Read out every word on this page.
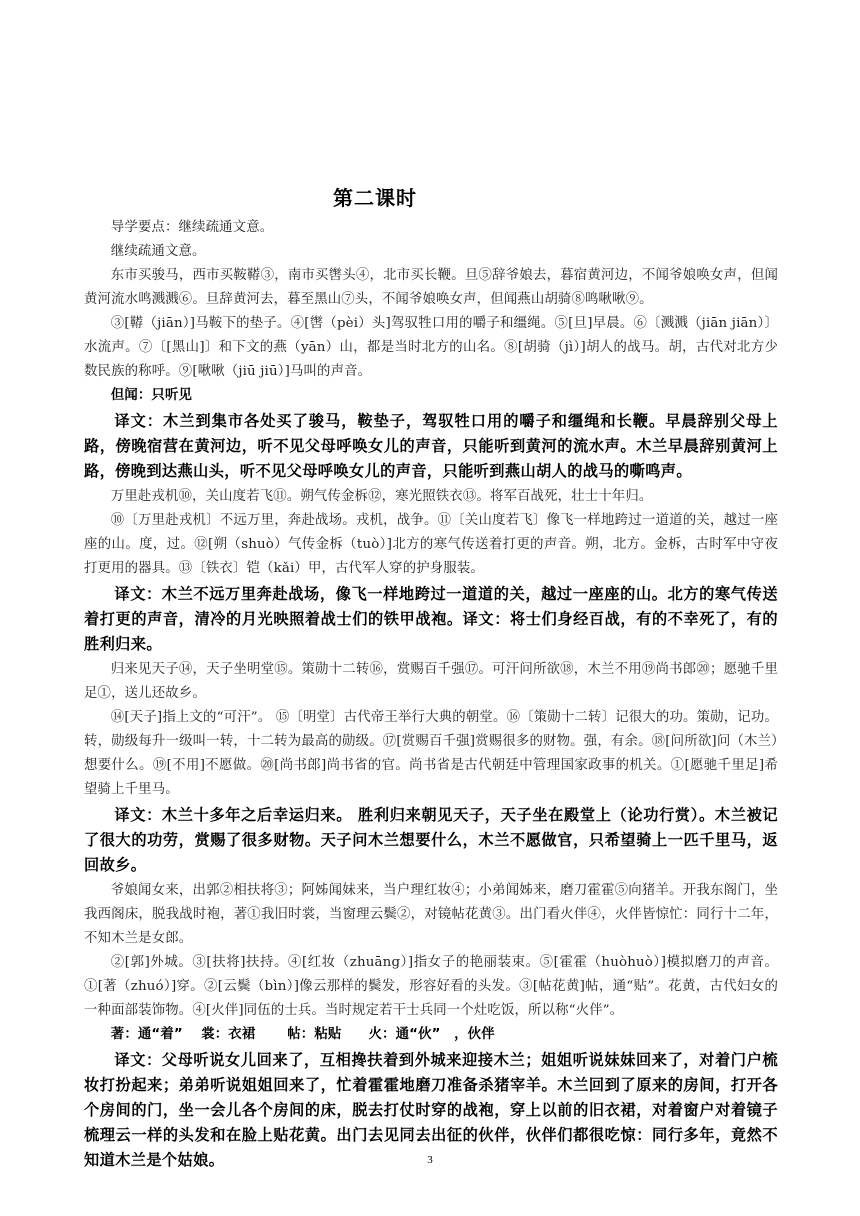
第二课时

导学要点：继续疏通文意。

继续疏通文意。

东市买骏马，西市买鞍鞯③，南市买辔头④，北市买长鞭。旦⑤辞爷娘去，暮宿黄河边，不闻爷娘唤女声，但闻黄河流水鸣溅溅⑥。旦辞黄河去，暮至黑山⑦头，不闻爷娘唤女声，但闻燕山胡骑⑧鸣啾啾⑨。

③[鞯（jiān）]马鞍下的垫子。④[辔（pèi）头]驾驭牲口用的嚼子和缰绳。⑤[旦]早晨。⑥〔溅溅（jiān jiān）〕水流声。⑦〔[黑山]〕和下文的燕（yān）山，都是当时北方的山名。⑧[胡骑（jì）]胡人的战马。胡，古代对北方少数民族的称呼。⑨[啾啾（jiū jiū）]马叫的声音。

但闻：只听见

译文：木兰到集市各处买了骏马，鞍垫子，驾驭牲口用的嚼子和缰绳和长鞭。早晨辞别父母上路，傍晚宿营在黄河边，听不见父母呼唤女儿的声音，只能听到黄河的流水声。木兰早晨辞别黄河上路，傍晚到达燕山头，听不见父母呼唤女儿的声音，只能听到燕山胡人的战马的嘶鸣声。

万里赴戎机⑩，关山度若飞⑪。朔气传金柝⑫，寒光照铁衣⑬。将军百战死，壮士十年归。

⑩〔万里赴戎机〕不远万里，奔赴战场。戎机，战争。⑪〔关山度若飞〕像飞一样地跨过一道道的关，越过一座座的山。度，过。⑫[朔（shuò）气传金柝（tuò）]北方的寒气传送着打更的声音。朔，北方。金柝，古时军中守夜打更用的器具。⑬〔铁衣〕铠（kǎi）甲，古代军人穿的护身服装。

译文：木兰不远万里奔赴战场，像飞一样地跨过一道道的关，越过一座座的山。北方的寒气传送着打更的声音，清冷的月光映照着战士们的铁甲战袍。译文：将士们身经百战，有的不幸死了，有的胜利归来。

归来见天子⑭，天子坐明堂⑮。策勋十二转⑯，赏赐百千强⑰。可汗问所欲⑱，木兰不用⑲尚书郎⑳；愿驰千里足①，送儿还故乡。

⑭[天子]指上文的“可汗”。 ⑮〔明堂〕古代帝王举行大典的朝堂。⑯〔策勋十二转〕记很大的功。策勋，记功。转，勋级每升一级叫一转，十二转为最高的勋级。⑰[赏赐百千强]赏赐很多的财物。强，有余。⑱[问所欲]问（木兰）想要什么。⑲[不用]不愿做。⑳[尚书郎]尚书省的官。尚书省是古代朝廷中管理国家政事的机关。①[愿驰千里足]希望骑上千里马。

译文：木兰十多年之后幸运归来。 胜利归来朝见天子，天子坐在殿堂上（论功行赏）。木兰被记了很大的功劳，赏赐了很多财物。天子问木兰想要什么，木兰不愿做官，只希望骑上一匹千里马，返回故乡。

爷娘闻女来，出郭②相扶将③；阿姊闻妹来，当户理红妆④；小弟闻姊来，磨刀霍霍⑤向猪羊。开我东阁门，坐我西阁床，脱我战时袍，著①我旧时裳，当窗理云鬓②，对镜帖花黄③。出门看火伴④，火伴皆惊忙：同行十二年，不知木兰是女郎。

②[郭]外城。③[扶将]扶持。④[红妆（zhuāng）]指女子的艳丽装束。⑤[霍霍（huòhuò）]模拟磨刀的声音。①[著（zhuó）]穿。②[云鬓（bìn）]像云那样的鬓发，形容好看的头发。③[帖花黄]帖，通“贴”。花黄，古代妇女的一种面部装饰物。④[火伴]同伍的士兵。当时规定若干士兵同一个灶吃饭，所以称“火伴”。

著：通“着”　 裳：衣裙　　 帖：粘贴　　火：通“伙”　，伙伴

译文：父母听说女儿回来了，互相搀扶着到外城来迎接木兰；姐姐听说妹妹回来了，对着门户梳妆打扮起来；弟弟听说姐姐回来了，忙着霍霍地磨刀准备杀猪宰羊。木兰回到了原来的房间，打开各个房间的门，坐一会儿各个房间的床，脱去打仗时穿的战袍，穿上以前的旧衣裙，对着窗户对着镜子梳理云一样的头发和在脸上贴花黄。出门去见同去出征的伙伴，伙伴们都很吃惊：同行多年，竟然不知道木兰是个姑娘。	3
